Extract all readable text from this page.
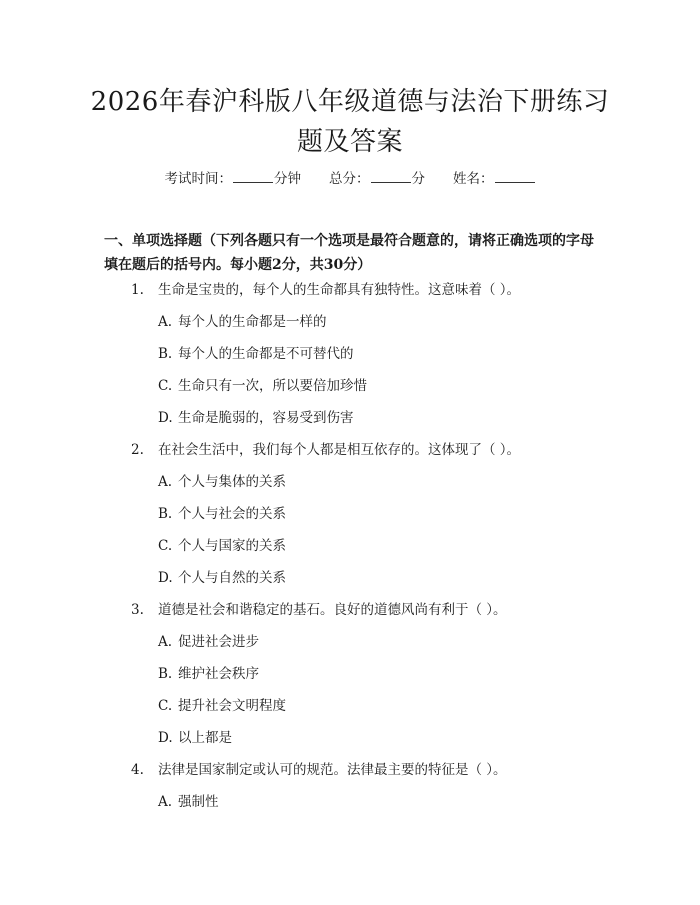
2026年春沪科版八年级道德与法治下册练习题及答案
考试时间：	分钟 总分：	分 姓名：
一、单项选择题（下列各题只有一个选项是最符合题意的，请将正确选项的字母填在题后的括号内。每小题2分，共30分）
1. 生命是宝贵的，每个人的生命都具有独特性。这意味着（ ）。
A. 每个人的生命都是一样的
B. 每个人的生命都是不可替代的
C. 生命只有一次，所以要倍加珍惜
D. 生命是脆弱的，容易受到伤害
2. 在社会生活中，我们每个人都是相互依存的。这体现了（ ）。
A. 个人与集体的关系
B. 个人与社会的关系
C. 个人与国家的关系
D. 个人与自然的关系
3. 道德是社会和谐稳定的基石。良好的道德风尚有利于（ ）。
A. 促进社会进步
B. 维护社会秩序
C. 提升社会文明程度
D. 以上都是
4. 法律是国家制定或认可的规范。法律最主要的特征是（ ）。
A. 强制性
